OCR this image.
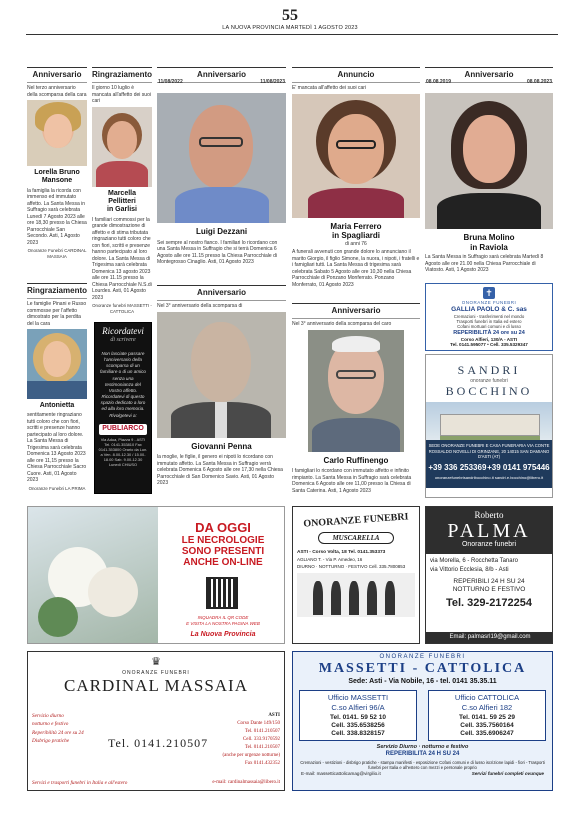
55
LA NUOVA PROVINCIA MARTEDÌ 1 AGOSTO 2023
Anniversario
Nel terzo anniversario della scomparsa della cara
Lorella Bruno
Mansone
la famiglia la ricorda con immenso ed immutato affetto. La Santa Messa in Suffragio sarà celebrata Lunedì 7 Agosto 2023 alle ore 18,30 presso la Chiesa Parrocchiale San Secondo. Asti, 1 Agosto 2023
Onoranze Funebri CARDINAL MASSAIA
Ringraziamento
Le famiglie Pinani e Russo commosse per l'affetto dimostrato per la perdita del la cara
Antonietta
sentitamente ringraziano tutti coloro che con fiori, scritti e presenze hanno partecipato al loro dolore. La Santa Messa di Trigesima sarà celebrata Domenica 13 Agosto 2023 alle ore 11,15 presso la Chiesa Parrocchiale Sacro Cuore. Asti, 01 Agosto 2023
Onoranze Funebri LA PRIMA
Ringraziamento
Il giorno 10 luglio è mancata all'affetto dei suoi cari
Marcella
Pellitteri
in Garlisi
I familiari commossi per la grande dimostrazione di affetto e di stima tributata ringraziano tutti coloro che con fiori, scritti e presenze hanno partecipato al loro dolore. La Santa Messa di Trigesima sarà celebrata Domenica 13 agosto 2023 alle ore 11.15 presso la Chiesa Parrocchiale N.S.di Lourdes. Asti, 01 Agosto 2023
Onoranze funebri MASSETTI - CATTOLICA
Ricordatevi
di scrivere
Non lasciate passare l'anniversario della scomparsa di un familiare o di un amico senza una testimonianza del Vostro affetto. Ricordatevi di questo spazio dedicato a loro ed alla loro memoria. Rivolgetevi a:
PUBLIARCO
Via Adua, Piazza 9 - ASTI Tel. 0141.353810 Fax 0141.353800 Orario da Lun. a Ven. 8.00-12.30 / 15.00-18.00 Sab. 9.00-12.30 Lunedì CHIUSO
Anniversario
11/08/2022	11/08/2023
Luigi Dezzani
Sei sempre al nostro fianco. I familiari lo ricordano con una Santa Messa in Suffragio che si terrà Domenica 6 Agosto alle ore 11.15 presso la Chiesa Parrocchiale di Montegrosso Cinaglio. Asti, 01 Agosto 2023
Anniversario
Nel 3° anniversario della scomparsa di
Giovanni Penna
la moglie, le figlie, il genero ei nipoti lo ricordano con immutato affetto. La Santa Messa in Suffragio verrà celebrata Domenica 6 Agosto alle ore 17,30 nella Chiesa Parrocchiale di San Domenico Savio. Asti, 01 Agosto 2023
Annuncio
E' mancata all'affetto dei suoi cari
Maria Ferrero
in Spagliardi
di anni 76
A funerali avvenuti con grande dolore lo annunciano il marito Giorgio, il figlio Simone, la nuora, i nipoti, i fratelli e i famigliari tutti. La Santa Messa di trigesima sarà celebrata Sabato 5 Agosto alle ore 10,30 nella Chiesa Parrocchiale di Ponzano Monferrato. Ponzano Monferrato, 01 Agosto 2023
Anniversario
Nel 3° anniversario della scomparsa del caro
Carlo Ruffinengo
I famigliari lo ricordano con immutato affetto e infinito rimpianto. La Santa Messa in Suffragio sarà celebrata Domenica 6 Agosto alle ore 11,00 presso la Chiesa di Santa Caterina. Asti, 1 Agosto 2023
Anniversario
08.08.2019	08.08.2023
Bruna Molino
in Raviola
La Santa Messa in Suffragio sarà celebrata Martedì 8 Agosto alle ore 21.00 nella Chiesa Parrocchiale di Viatosto. Asti, 1 Agosto 2023
✝
ONORANZE FUNEBRI
GALLIA PAOLO & C. sas
Cremazioni - trasferimenti nel mondo
Trasporti funebri in Italia ed estero
Cofani mortuari comuni e di lusso
REPERIBILITÀ 24 ore su 24
Corso Alfieri, 130/A - ASTI
Tel. 0141.595077 • Cell. 335.5329347
SANDRI
onoranze funebri
BOCCHINO
SEDE ONORANZE FUNEBRI E CASA FUNERARIA VIA CONTE ROSSALDO NOVELLI DI GRINZANE, 20 14015 SAN DAMIANO D'ASTI (AT)
+39 336 253369 +39 0141 975446
onoranzefunebrisandribocchino.it sandri.e.bocchino@libero.it
DA OGGI
LE NECROLOGIE
SONO PRESENTI
ANCHE ON-LINE
INQUADRA IL QR CODE
E VISITA LA NOSTRA PAGINA WEB
La Nuova Provincia
ONORANZE FUNEBRI
MUSCARELLA
ASTI - Corso Volta, 18 Tel. 0141.353373
AGLIANO T. - Via P. Amedeo, 16
DIURNO · NOTTURNO · FESTIVO Cell. 335.7800853
Roberto
PALMA
Onoranze funebri
via Morella, 6 - Rocchetta Tanaro
via Vittorio Ecclesia, 8/b - Asti
REPERIBILI 24 H SU 24
NOTTURNO E FESTIVO
Tel. 329-2172254
Email: palmasrl19@gmail.com
♛
ONORANZE FUNEBRI
CARDINAL MASSAIA
Servizio diurno
notturno e festivo
Reperibilità 24 ore su 24
Disbrigo pratiche
Servizi e trasporti funebri in Italia e all'estero
Tel. 0141.210507
ASTI
Corso Dante 149/150
Tel. 0141.210507
Cell. 333.9170592
Tel. 0141.210507
(anche per urgenze notturne)
Fax 0141.432352
e-mail: cardinalmassaia@libero.it
ONORANZE FUNEBRI
MASSETTI - CATTOLICA
Sede: Asti - Via Nobile, 16 - tel. 0141 35.35.11
Ufficio MASSETTI
C.so Alfieri 96/A
Tel. 0141. 59 52 10
Cell. 335.6538256
Cell. 338.8328157
Ufficio CATTOLICA
C.so Alfieri 182
Tel. 0141. 59 25 29
Cell. 335.7560164
Cell. 335.6906247
Servizio Diurno · notturno e festivo
REPERIBILITA 24 H SU 24
Cremazioni - vestizioni - disbrigo pratiche - stampa manifesti - esposizione Cofani comuni e di lusso iscrizione lapidi - fiori - Trasporti funebri per Italia e all'estero con mezzi e personale proprio
E-mail: massetticattolicamag@virgilio.it	Servizi funebri completi ovunque
